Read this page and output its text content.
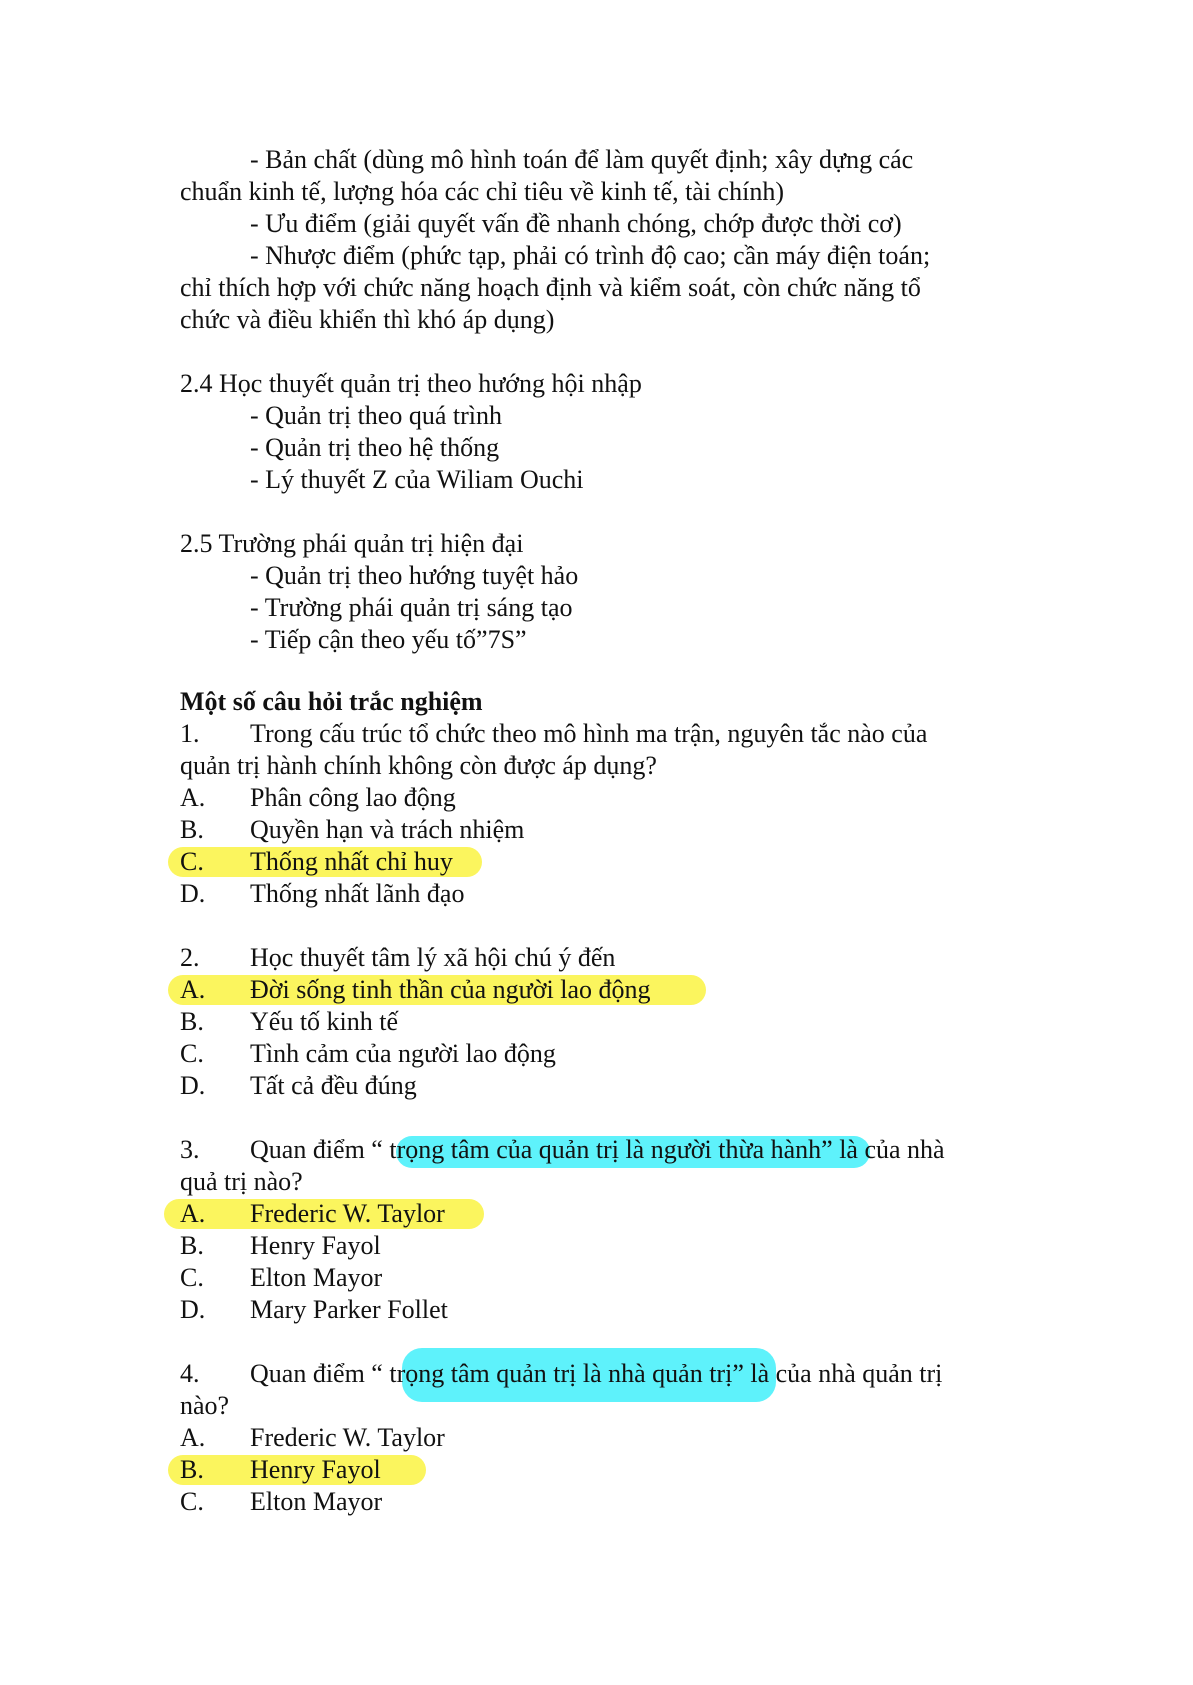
- Bản chất (dùng mô hình toán để làm quyết định; xây dựng các
chuẩn kinh tế, lượng hóa các chỉ tiêu về kinh tế, tài chính)
- Ưu điểm (giải quyết vấn đề nhanh chóng, chớp được thời cơ)
- Nhược điểm (phức tạp, phải có trình độ cao; cần máy điện toán;
chỉ thích hợp với chức năng hoạch định và kiểm soát, còn chức năng tổ
chức và điều khiển thì khó áp dụng)
2.4 Học thuyết quản trị theo hướng hội nhập
- Quản trị theo quá trình
- Quản trị theo hệ thống
- Lý thuyết Z của Wiliam Ouchi
2.5 Trường phái quản trị hiện đại
- Quản trị theo hướng tuyệt hảo
- Trường phái quản trị sáng tạo
- Tiếp cận theo yếu tố”7S”
Một số câu hỏi trắc nghiệm
1. Trong cấu trúc tổ chức theo mô hình ma trận, nguyên tắc nào của
quản trị hành chính không còn được áp dụng?
A. Phân công lao động
B. Quyền hạn và trách nhiệm
C. Thống nhất chỉ huy
D. Thống nhất lãnh đạo
2. Học thuyết tâm lý xã hội chú ý đến
A. Đời sống tinh thần của người lao động
B. Yếu tố kinh tế
C. Tình cảm của người lao động
D. Tất cả đều đúng
3. Quan điểm “ trọng tâm của quản trị là người thừa hành” là của nhà
quả trị nào?
A. Frederic W. Taylor
B. Henry Fayol
C. Elton Mayor
D. Mary Parker Follet
4. Quan điểm “ trọng tâm quản trị là nhà quản trị” là của nhà quản trị
nào?
A. Frederic W. Taylor
B. Henry Fayol
C. Elton Mayor
